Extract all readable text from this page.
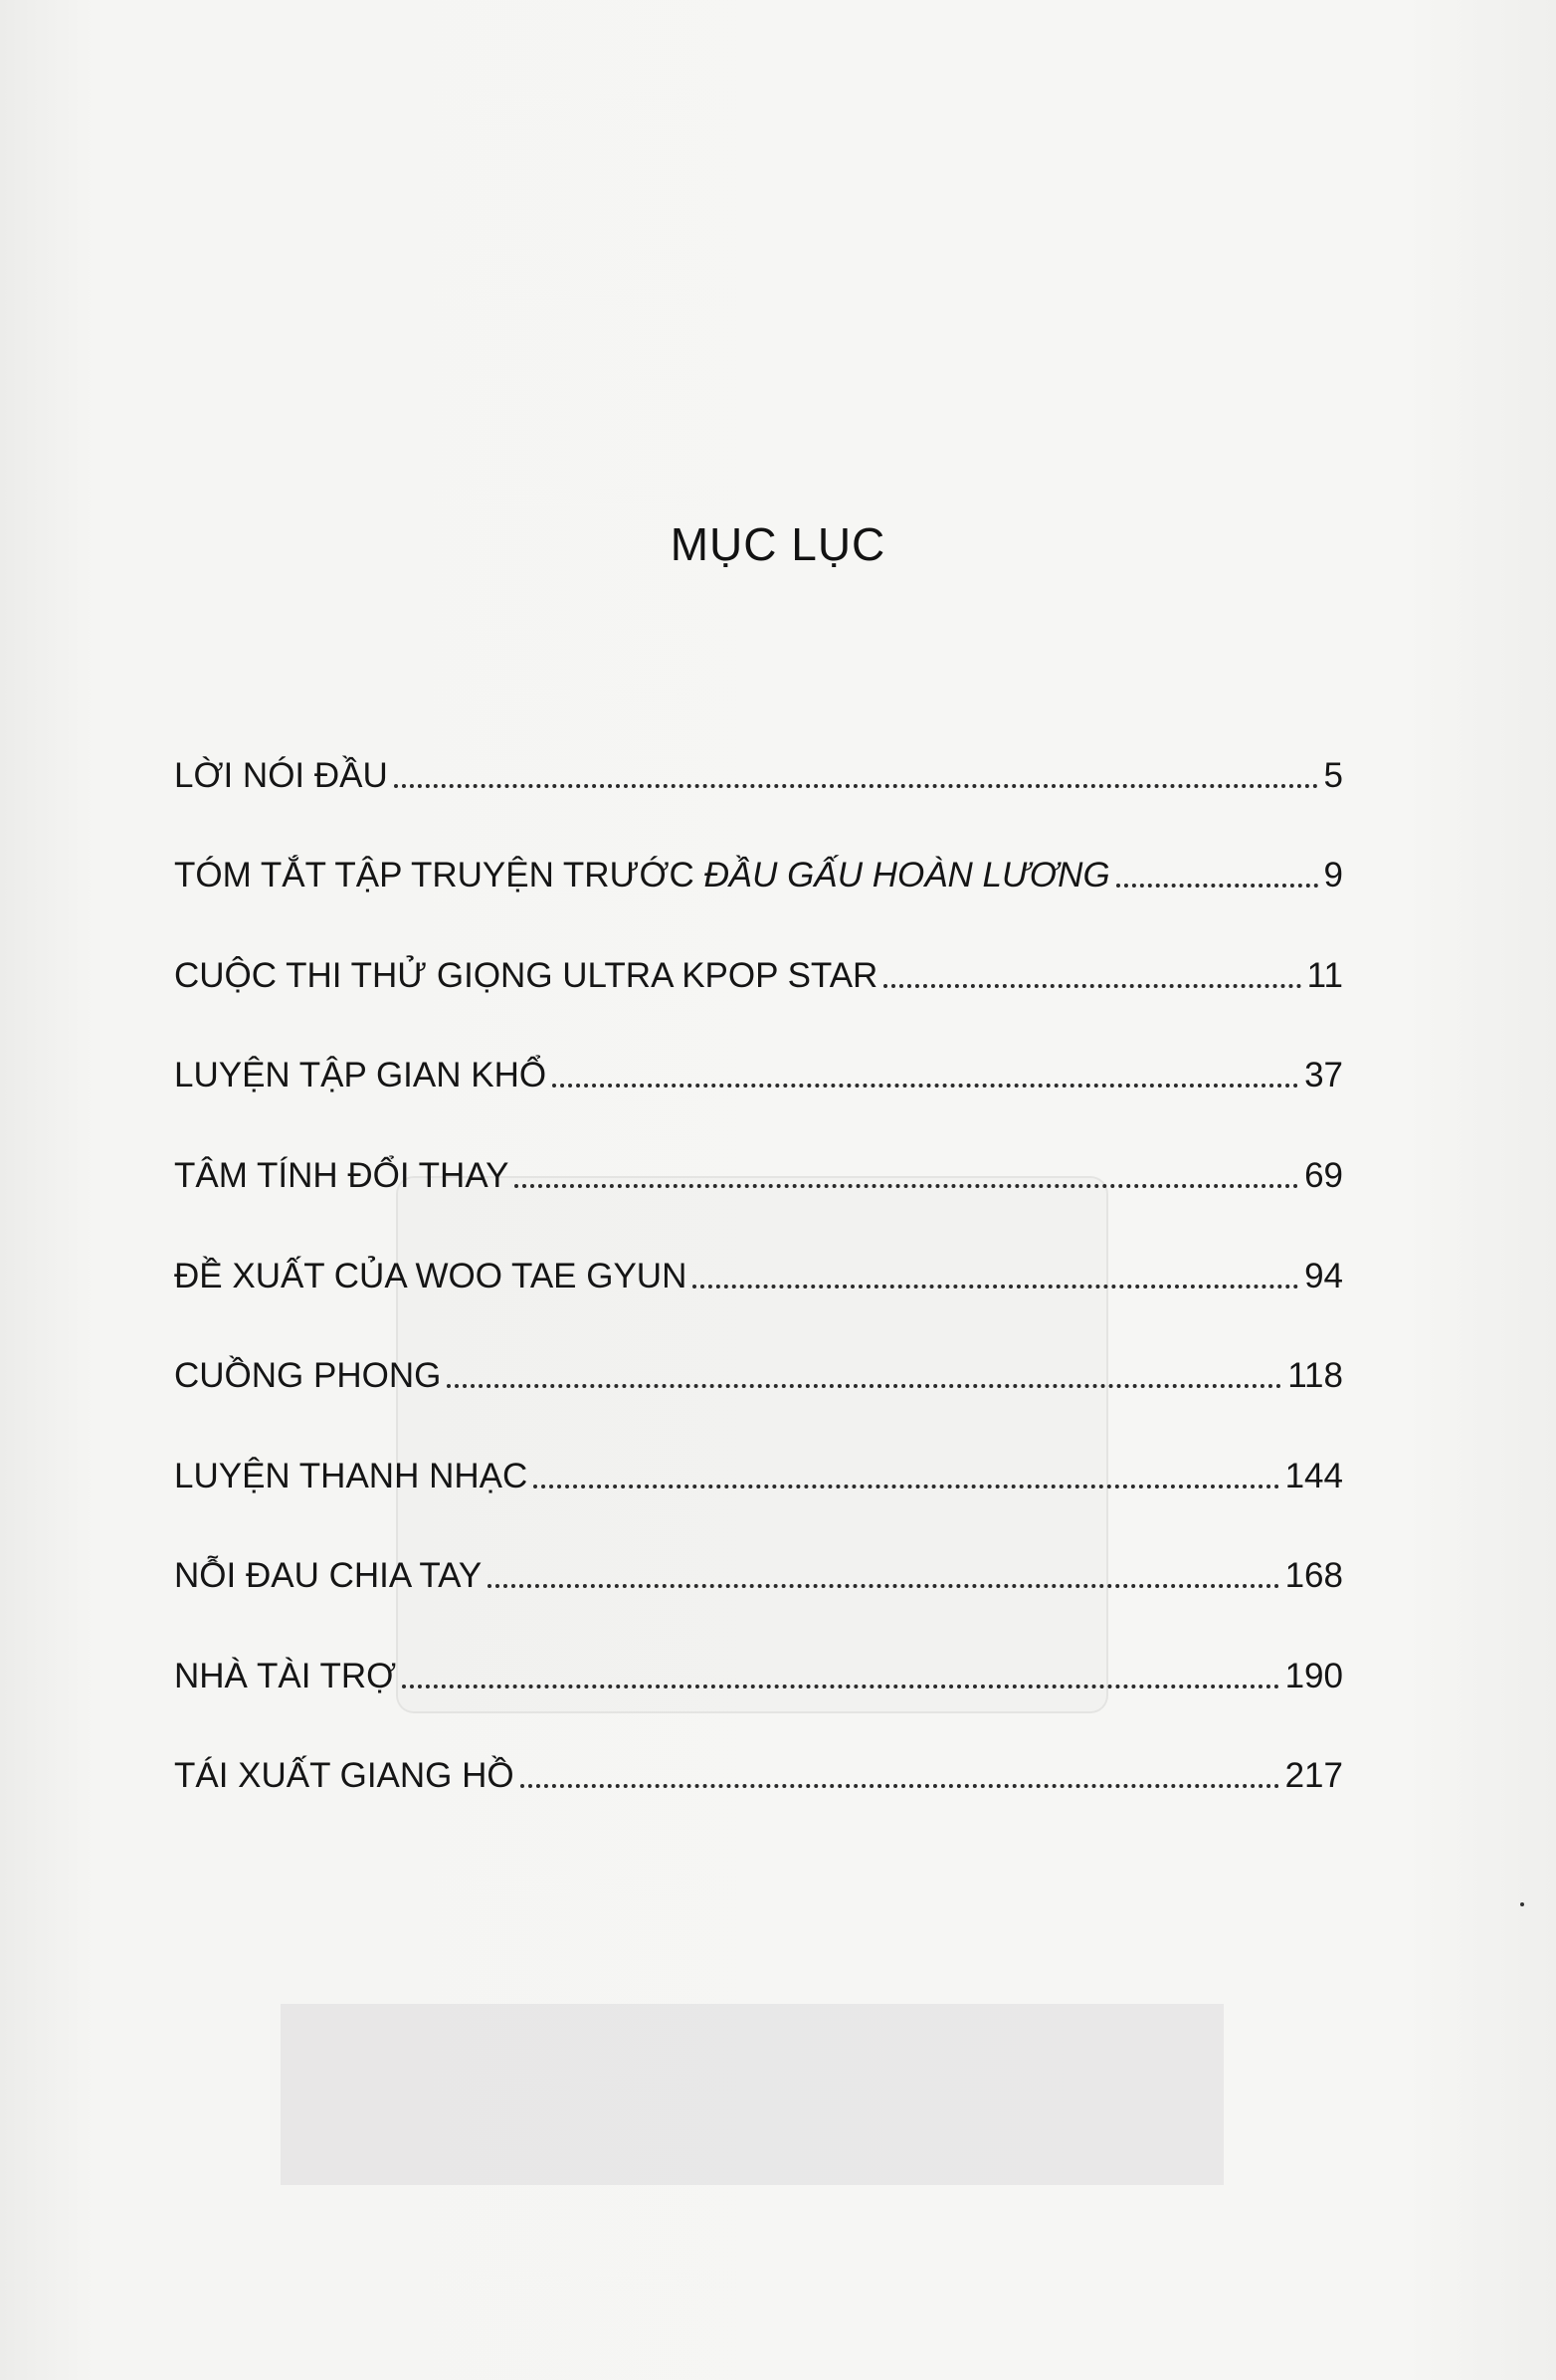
MỤC LỤC
LỜI NÓI ĐẦU	5
TÓM TẮT TẬP TRUYỆN TRƯỚC ĐẦU GẤU HOÀN LƯƠNG	9
CUỘC THI THỬ GIỌNG ULTRA KPOP STAR	11
LUYỆN TẬP GIAN KHỔ	37
TÂM TÍNH ĐỔI THAY	69
ĐỀ XUẤT CỦA WOO TAE GYUN	94
CUỒNG PHONG	118
LUYỆN THANH NHẠC	144
NỖI ĐAU CHIA TAY	168
NHÀ TÀI TRỢ	190
TÁI XUẤT GIANG HỒ	217
